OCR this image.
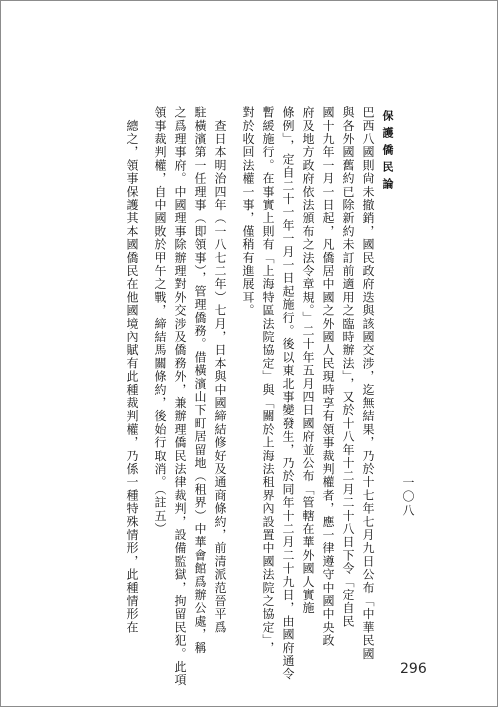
一〇八
保護僑民論
巴西八國則尙未撤銷，國民政府迭與該國交涉，迄無結果，乃於十七年七月九日公布「中華民國
與各外國舊約已除新約未訂前適用之臨時辦法」，又於十八年十二月二十八日下令「定自民
國十九年一月一日起，凡僑居中國之外國人民現時享有領事裁判權者，應一律遵守中國中央政
府及地方政府依法頒布之法令章規。」二十年五月四日國府並公布「管轄在華外國人實施
條例」，定自二十一年一月一日起施行。後以東北事變發生，乃於同年十二月二十九日，由國府通令
暫緩施行。在事實上則有「上海特區法院協定」與「關於上海法租界內設置中國法院之協定」，
對於收回法權一事，僅稍有進展耳。
　查日本明治四年（一八七二年）七月，日本與中國締結修好及通商條約，前清派范晉平爲
駐橫濱第一任理事（即領事），管理僑務。借橫濱山下町居留地（租界）中華會館爲辦公處，稱
之爲理事府。中國理事除辦理對外交涉及僑務外，兼辦理僑民法律裁判，設備監獄，拘留民犯。此項
領事裁判權，自中國敗於甲午之戰，締結馬關條約，後始行取消。（註五）
　總之，領事保護其本國僑民在他國境內賦有此種裁判權，乃係一種特殊情形，此種情形在
296
